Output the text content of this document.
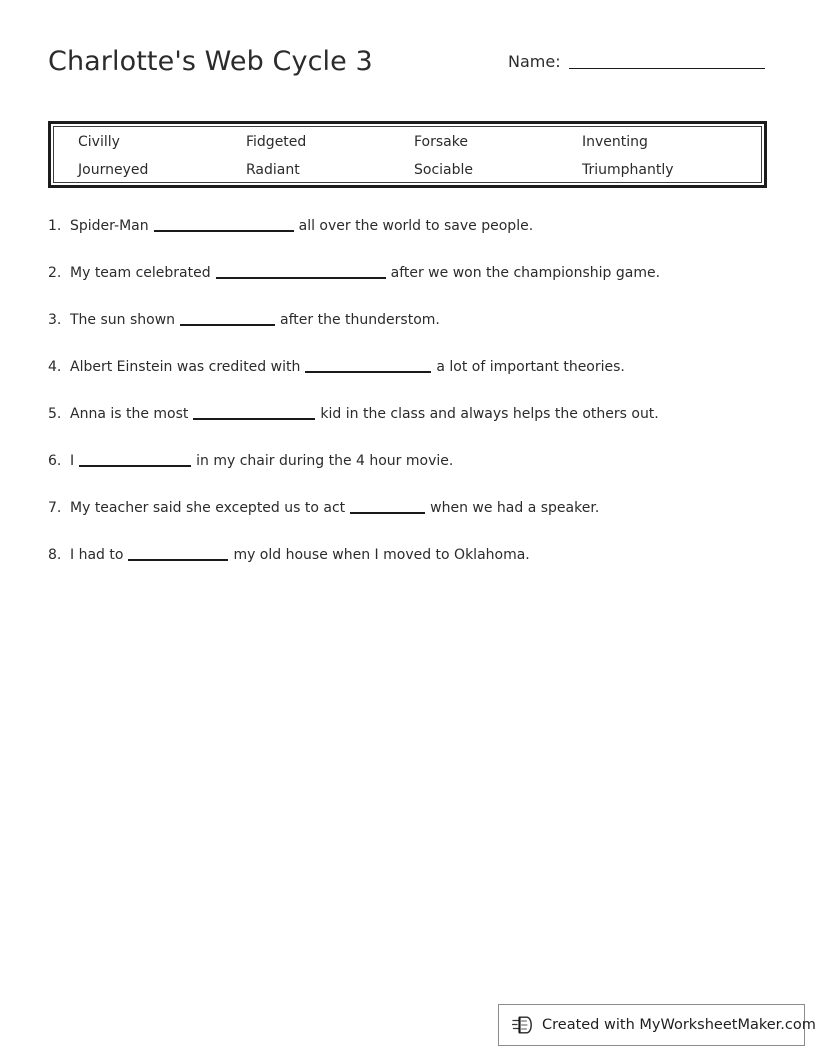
Charlotte's Web Cycle 3	Name:
Civilly	Fidgeted	Forsake	Inventing
Journeyed	Radiant	Sociable	Triumphantly
1. Spider-Man	all over the world to save people.
2. My team celebrated	after we won the championship game.
3. The sun shown	after the thunderstom.
4. Albert Einstein was credited with	a lot of important theories.
5. Anna is the most	kid in the class and always helps the others out.
6. I	in my chair during the 4 hour movie.
7. My teacher said she excepted us to act	when we had a speaker.
8. I had to	my old house when I moved to Oklahoma.
Created with MyWorksheetMaker.com
